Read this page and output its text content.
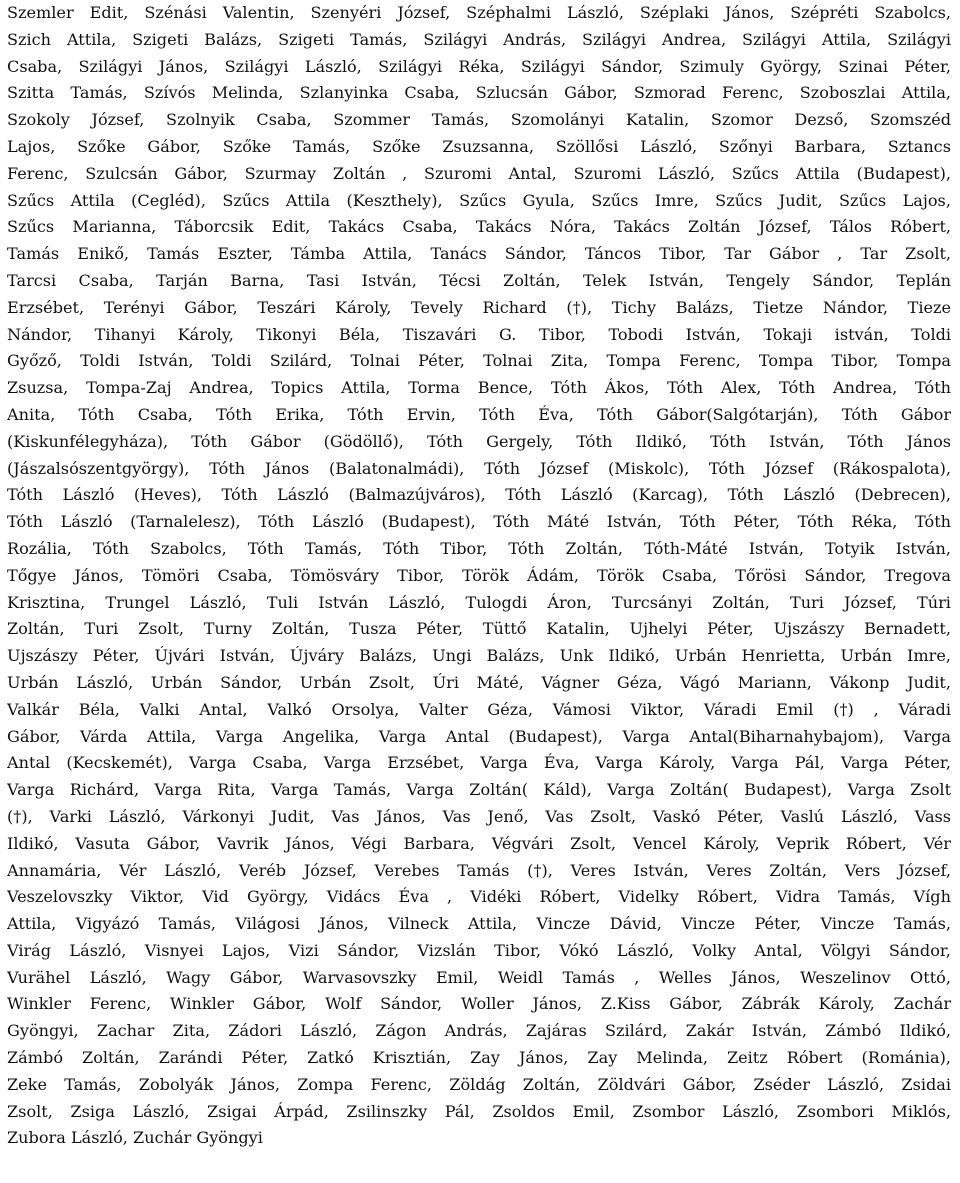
Szemler Edit, Szénási Valentin, Szenyéri József, Széphalmi László, Széplaki János, Szépréti Szabolcs,
Szich Attila, Szigeti Balázs, Szigeti Tamás, Szilágyi András, Szilágyi Andrea, Szilágyi Attila, Szilágyi
Csaba, Szilágyi János, Szilágyi László, Szilágyi Réka, Szilágyi Sándor, Szimuly György, Szinai Péter,
Szitta Tamás, Szívós Melinda, Szlanyinka Csaba, Szlucsán Gábor, Szmorad Ferenc, Szoboszlai Attila,
Szokoly József, Szolnyik Csaba, Szommer Tamás, Szomolányi Katalin, Szomor Dezső, Szomszéd
Lajos, Szőke Gábor, Szőke Tamás, Szőke Zsuzsanna, Szöllősi László, Szőnyi Barbara, Sztancs
Ferenc, Szulcsán Gábor, Szurmay Zoltán , Szuromi Antal, Szuromi László, Szűcs Attila (Budapest),
Szűcs Attila (Cegléd), Szűcs Attila (Keszthely), Szűcs Gyula, Szűcs Imre, Szűcs Judit, Szűcs Lajos,
Szűcs Marianna, Táborcsik Edit, Takács Csaba, Takács Nóra, Takács Zoltán József, Tálos Róbert,
Tamás Enikő, Tamás Eszter, Támba Attila, Tanács Sándor, Táncos Tibor, Tar Gábor , Tar Zsolt,
Tarcsi Csaba, Tarján Barna, Tasi István, Técsi Zoltán, Telek István, Tengely Sándor, Teplán
Erzsébet, Terényi Gábor, Teszári Károly, Tevely Richard (†), Tichy Balázs, Tietze Nándor, Tieze
Nándor, Tihanyi Károly, Tikonyi Béla, Tiszavári G. Tibor, Tobodi István, Tokaji istván, Toldi
Győző, Toldi István, Toldi Szilárd, Tolnai Péter, Tolnai Zita, Tompa Ferenc, Tompa Tibor, Tompa
Zsuzsa, Tompa-Zaj Andrea, Topics Attila, Torma Bence, Tóth Ákos, Tóth Alex, Tóth Andrea, Tóth
Anita, Tóth Csaba, Tóth Erika, Tóth Ervin, Tóth Éva, Tóth Gábor(Salgótarján), Tóth Gábor
(Kiskunfélegyháza), Tóth Gábor (Gödöllő), Tóth Gergely, Tóth Ildikó, Tóth István, Tóth János
(Jászalsószentgyörgy), Tóth János (Balatonalmádi), Tóth József (Miskolc), Tóth József (Rákospalota),
Tóth László (Heves), Tóth László (Balmazújváros), Tóth László (Karcag), Tóth László (Debrecen),
Tóth László (Tarnalelesz), Tóth László (Budapest), Tóth Máté István, Tóth Péter, Tóth Réka, Tóth
Rozália, Tóth Szabolcs, Tóth Tamás, Tóth Tibor, Tóth Zoltán, Tóth-Máté István, Totyik István,
Tőgye János, Tömöri Csaba, Tömösváry Tibor, Török Ádám, Török Csaba, Tőrösi Sándor, Tregova
Krisztina, Trungel László, Tuli István László, Tulogdi Áron, Turcsányi Zoltán, Turi József, Túri
Zoltán, Turi Zsolt, Turny Zoltán, Tusza Péter, Tüttő Katalin, Ujhelyi Péter, Ujszászy Bernadett,
Ujszászy Péter, Újvári István, Újváry Balázs, Ungi Balázs, Unk Ildikó, Urbán Henrietta, Urbán Imre,
Urbán László, Urbán Sándor, Urbán Zsolt, Úri Máté, Vágner Géza, Vágó Mariann, Vákonp Judit,
Valkár Béla, Valki Antal, Valkó Orsolya, Valter Géza, Vámosi Viktor, Váradi Emil (†) , Váradi
Gábor, Várda Attila, Varga Angelika, Varga Antal (Budapest), Varga Antal(Biharnahybajom), Varga
Antal (Kecskemét), Varga Csaba, Varga Erzsébet, Varga Éva, Varga Károly, Varga Pál, Varga Péter,
Varga Richárd, Varga Rita, Varga Tamás, Varga Zoltán( Káld), Varga Zoltán( Budapest), Varga Zsolt
(†), Varki László, Várkonyi Judit, Vas János, Vas Jenő, Vas Zsolt, Vaskó Péter, Vaslú László, Vass
Ildikó, Vasuta Gábor, Vavrik János, Végi Barbara, Végvári Zsolt, Vencel Károly, Veprik Róbert, Vér
Annamária, Vér László, Veréb József, Verebes Tamás (†), Veres István, Veres Zoltán, Vers József,
Veszelovszky Viktor, Vid György, Vidács Éva , Vidéki Róbert, Videlky Róbert, Vidra Tamás, Vígh
Attila, Vigyázó Tamás, Világosi János, Vilneck Attila, Vincze Dávid, Vincze Péter, Vincze Tamás,
Virág László, Visnyei Lajos, Vizi Sándor, Vizslán Tibor, Vókó László, Volky Antal, Völgyi Sándor,
Vurähel László, Wagy Gábor, Warvasovszky Emil, Weidl Tamás , Welles János, Weszelinov Ottó,
Winkler Ferenc, Winkler Gábor, Wolf Sándor, Woller János, Z.Kiss Gábor, Zábrák Károly, Zachár
Gyöngyi, Zachar Zita, Zádori László, Zágon András, Zajáras Szilárd, Zakár István, Zámbó Ildikó,
Zámbó Zoltán, Zarándi Péter, Zatkó Krisztián, Zay János, Zay Melinda, Zeitz Róbert (Románia),
Zeke Tamás, Zobolyák János, Zompa Ferenc, Zöldág Zoltán, Zöldvári Gábor, Zséder László, Zsidai
Zsolt, Zsiga László, Zsigai Árpád, Zsilinszky Pál, Zsoldos Emil, Zsombor László, Zsombori Miklós,
Zubora László, Zuchár Gyöngyi
